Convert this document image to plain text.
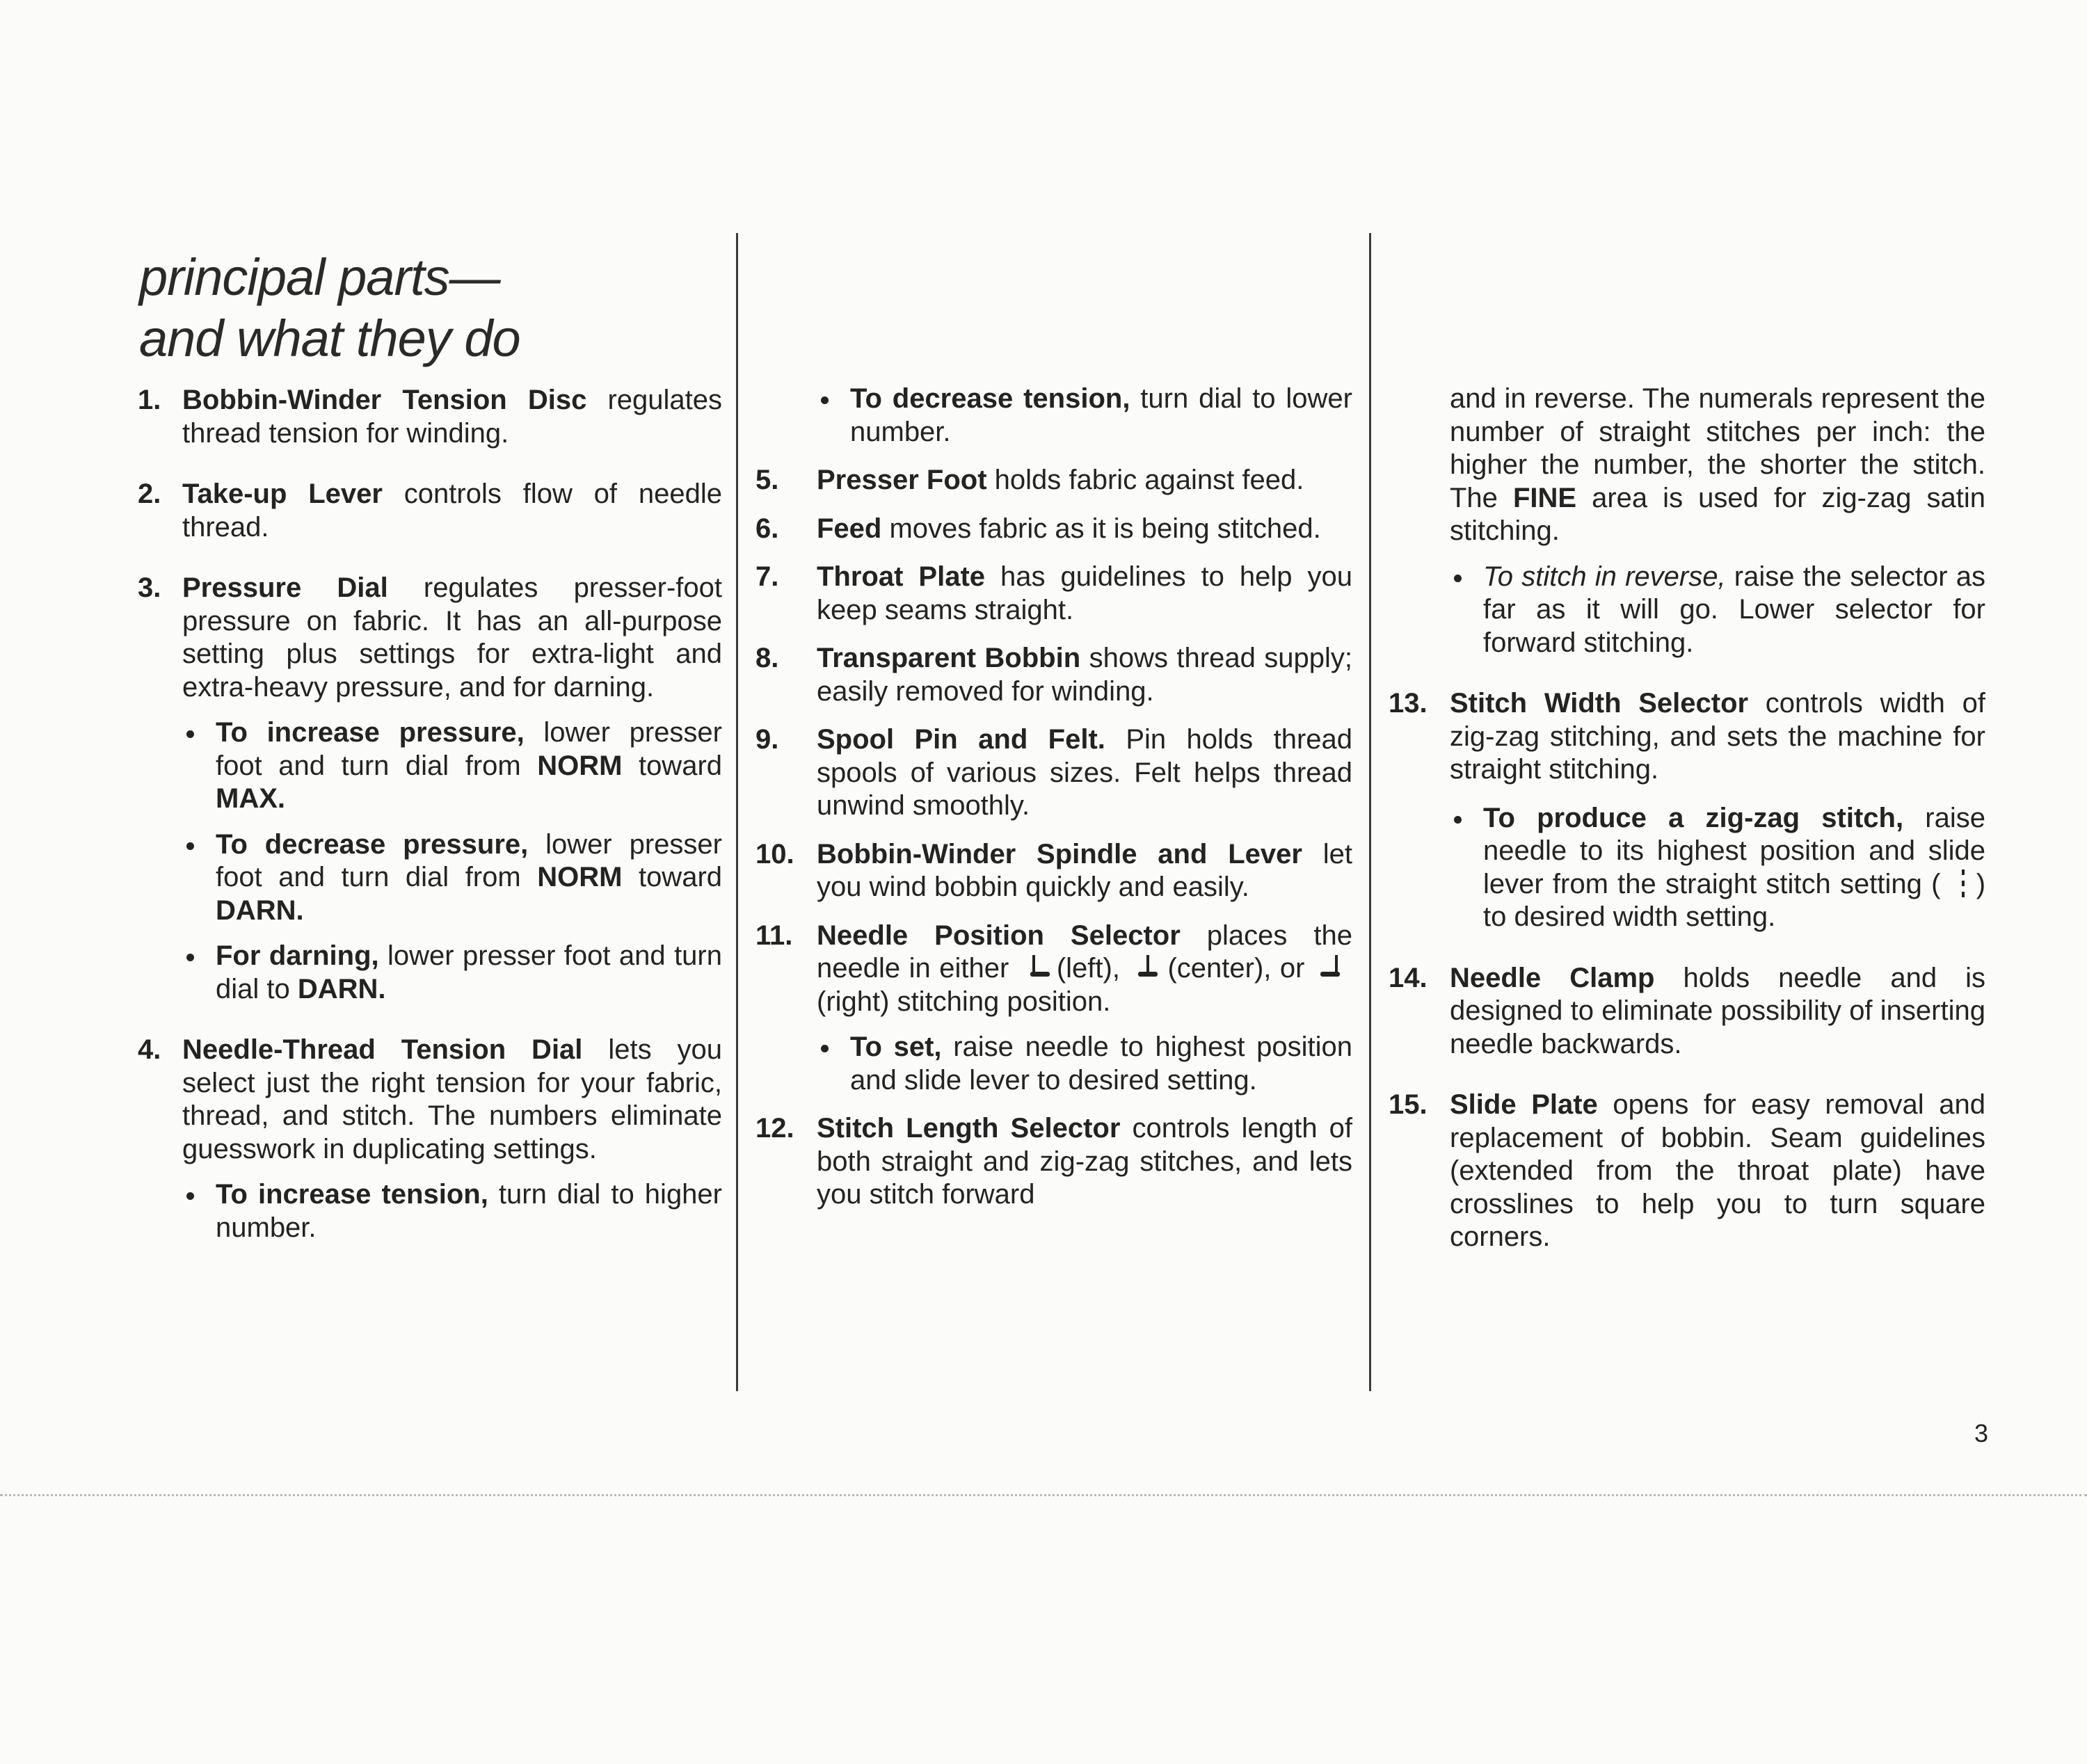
principal parts—
and what they do
1. Bobbin-Winder Tension Disc regulates thread tension for winding.
2. Take-up Lever controls flow of needle thread.
3. Pressure Dial regulates presser-foot pressure on fabric. It has an all-purpose setting plus settings for extra-light and extra-heavy pressure, and for darning.
To increase pressure, lower presser foot and turn dial from NORM toward MAX.
To decrease pressure, lower presser foot and turn dial from NORM toward DARN.
For darning, lower presser foot and turn dial to DARN.
4. Needle-Thread Tension Dial lets you select just the right tension for your fabric, thread, and stitch. The numbers eliminate guesswork in duplicating settings.
To increase tension, turn dial to higher number.
To decrease tension, turn dial to lower number.
5. Presser Foot holds fabric against feed.
6. Feed moves fabric as it is being stitched.
7. Throat Plate has guidelines to help you keep seams straight.
8. Transparent Bobbin shows thread supply; easily removed for winding.
9. Spool Pin and Felt. Pin holds thread spools of various sizes. Felt helps thread unwind smoothly.
10. Bobbin-Winder Spindle and Lever let you wind bobbin quickly and easily.
11. Needle Position Selector places the needle in either (left), (center), or (right) stitching position.
To set, raise needle to highest position and slide lever to desired setting.
12. Stitch Length Selector controls length of both straight and zig-zag stitches, and lets you stitch forward
and in reverse. The numerals represent the number of straight stitches per inch: the higher the number, the shorter the stitch. The FINE area is used for zig-zag satin stitching.
To stitch in reverse, raise the selector as far as it will go. Lower selector for forward stitching.
13. Stitch Width Selector controls width of zig-zag stitching, and sets the machine for straight stitching.
To produce a zig-zag stitch, raise needle to its highest position and slide lever from the straight stitch setting ( ) to desired width setting.
14. Needle Clamp holds needle and is designed to eliminate possibility of inserting needle backwards.
15. Slide Plate opens for easy removal and replacement of bobbin. Seam guidelines (extended from the throat plate) have crosslines to help you to turn square corners.
3
